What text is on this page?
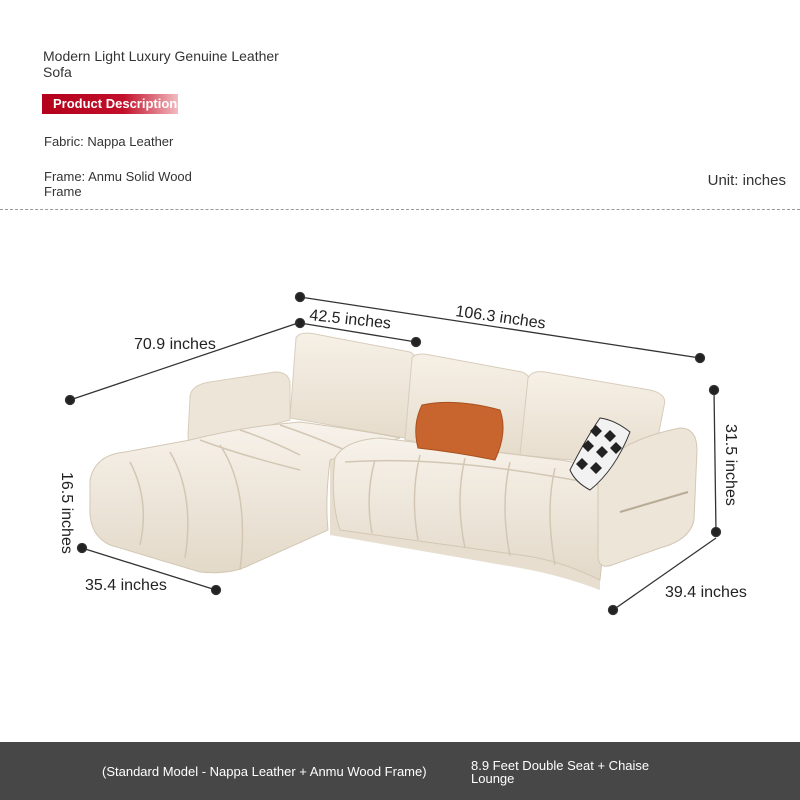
Modern Light Luxury Genuine Leather Sofa
Product Description
Fabric: Nappa Leather
Frame: Anmu Solid Wood Frame
Unit: inches
106.3 inches
42.5 inches
70.9 inches
16.5 inches
31.5 inches
35.4 inches	39.4 inches
(Standard Model - Nappa Leather + Anmu Wood Frame)	8.9 Feet Double Seat + Chaise Lounge
